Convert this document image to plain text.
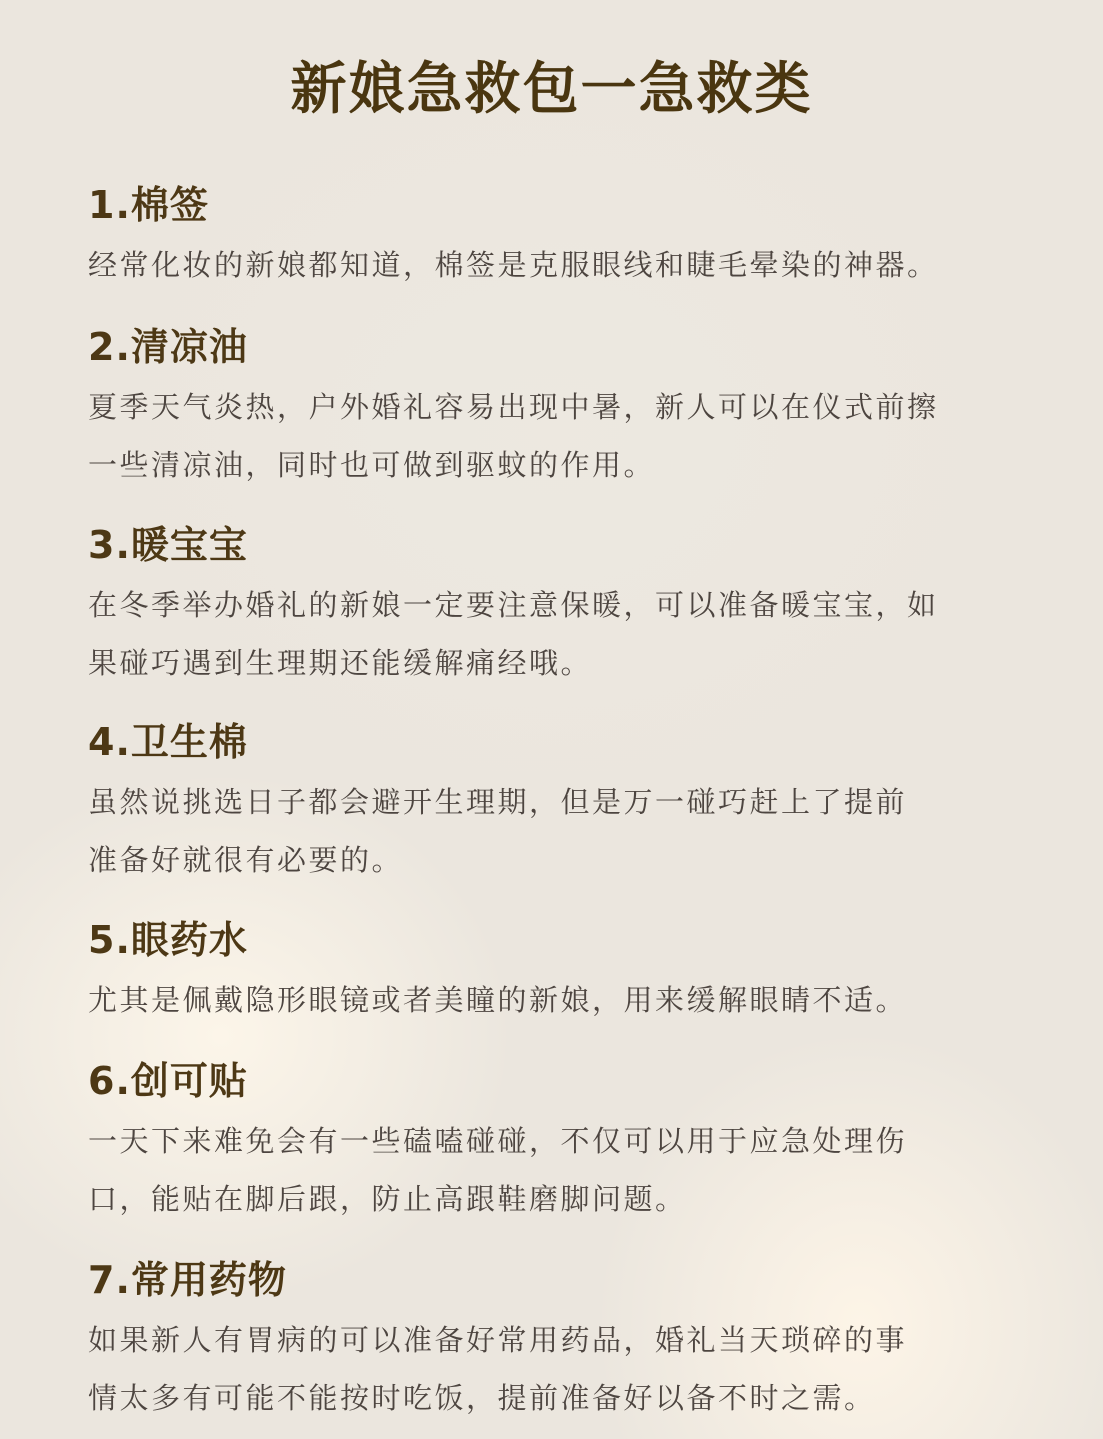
新娘急救包一急救类
1.棉签

经常化妆的新娘都知道，棉签是克服眼线和睫毛晕染的神器。

2.清凉油

夏季天气炎热，户外婚礼容易出现中暑，新人可以在仪式前擦

一些清凉油，同时也可做到驱蚊的作用。

3.暖宝宝

在冬季举办婚礼的新娘一定要注意保暖，可以准备暖宝宝，如

果碰巧遇到生理期还能缓解痛经哦。

4.卫生棉

虽然说挑选日子都会避开生理期，但是万一碰巧赶上了提前

准备好就很有必要的。

5.眼药水

尤其是佩戴隐形眼镜或者美瞳的新娘，用来缓解眼睛不适。

6.创可贴

一天下来难免会有一些磕嗑碰碰，不仅可以用于应急处理伤

口，能贴在脚后跟，防止高跟鞋磨脚问题。

7.常用药物

如果新人有胃病的可以准备好常用药品，婚礼当天琐碎的事

情太多有可能不能按时吃饭，提前准备好以备不时之需。
